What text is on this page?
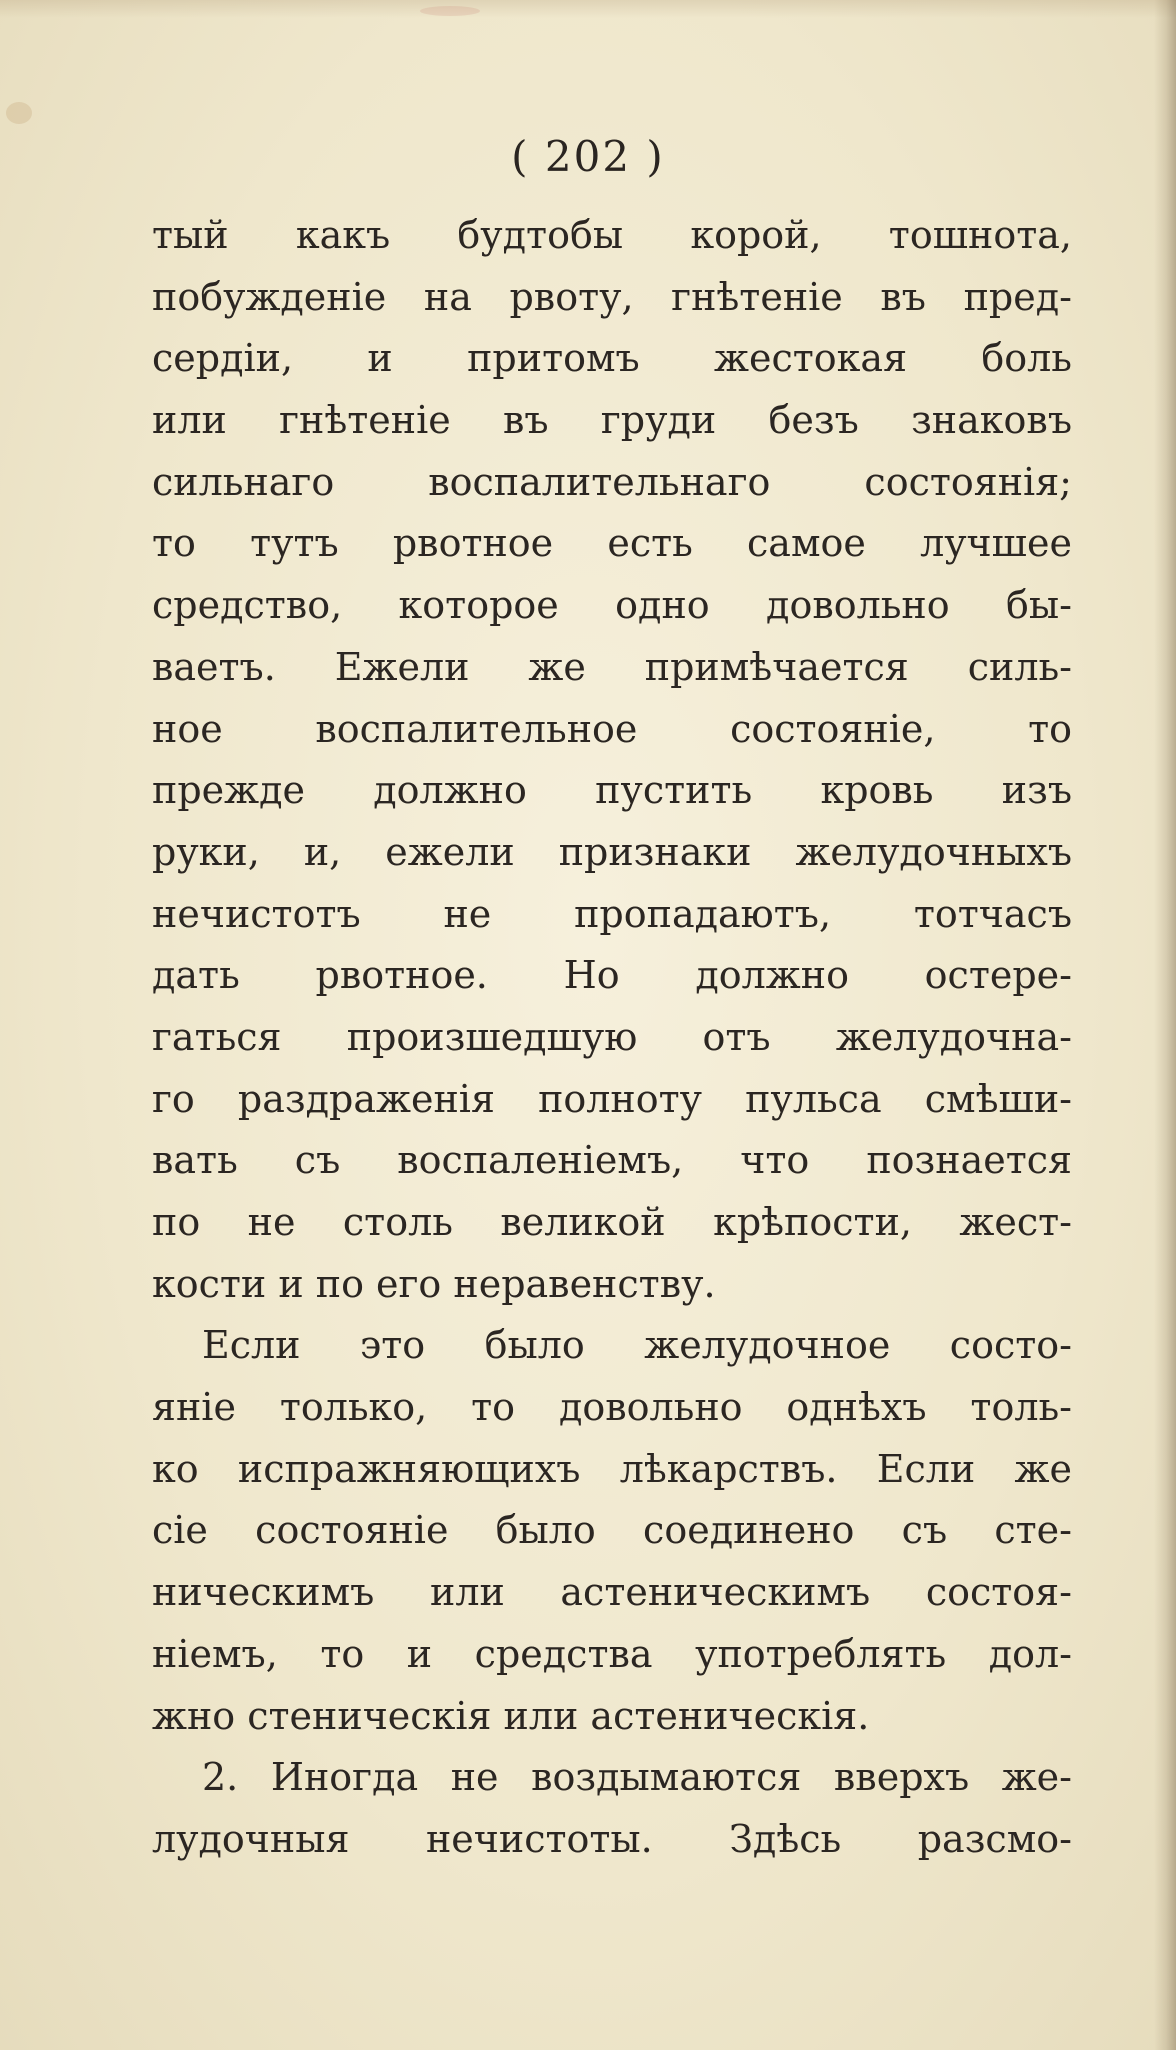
( 202 )
тый какъ будтобы корой, тошнота,
побужденіе на рвоту, гнѣтеніе въ пред-
сердіи, и притомъ жестокая боль
или гнѣтеніе въ груди безъ знаковъ
сильнаго воспалительнаго состоянія;
то тутъ рвотное есть самое лучшее
средство, которое одно довольно бы-
ваетъ. Ежели же примѣчается силь-
ное воспалительное состояніе, то
прежде должно пустить кровь изъ
руки, и, ежели признаки желудочныхъ
нечистотъ не пропадаютъ, тотчасъ
дать рвотное. Но должно остере-
гаться произшедшую отъ желудочна-
го раздраженія полноту пульса смѣши-
вать съ воспаленіемъ, что познается
по не столь великой крѣпости, жест-
кости и по его неравенству.
Если это было желудочное состо-
яніе только, то довольно однѣхъ толь-
ко испражняющихъ лѣкарствъ. Если же
сіе состояніе было соединено съ сте-
ническимъ или астеническимъ состоя-
ніемъ, то и средства употреблять дол-
жно стеническія или астеническія.
2. Иногда не воздымаются вверхъ же-
лудочныя нечистоты. Здѣсь разсмо-
